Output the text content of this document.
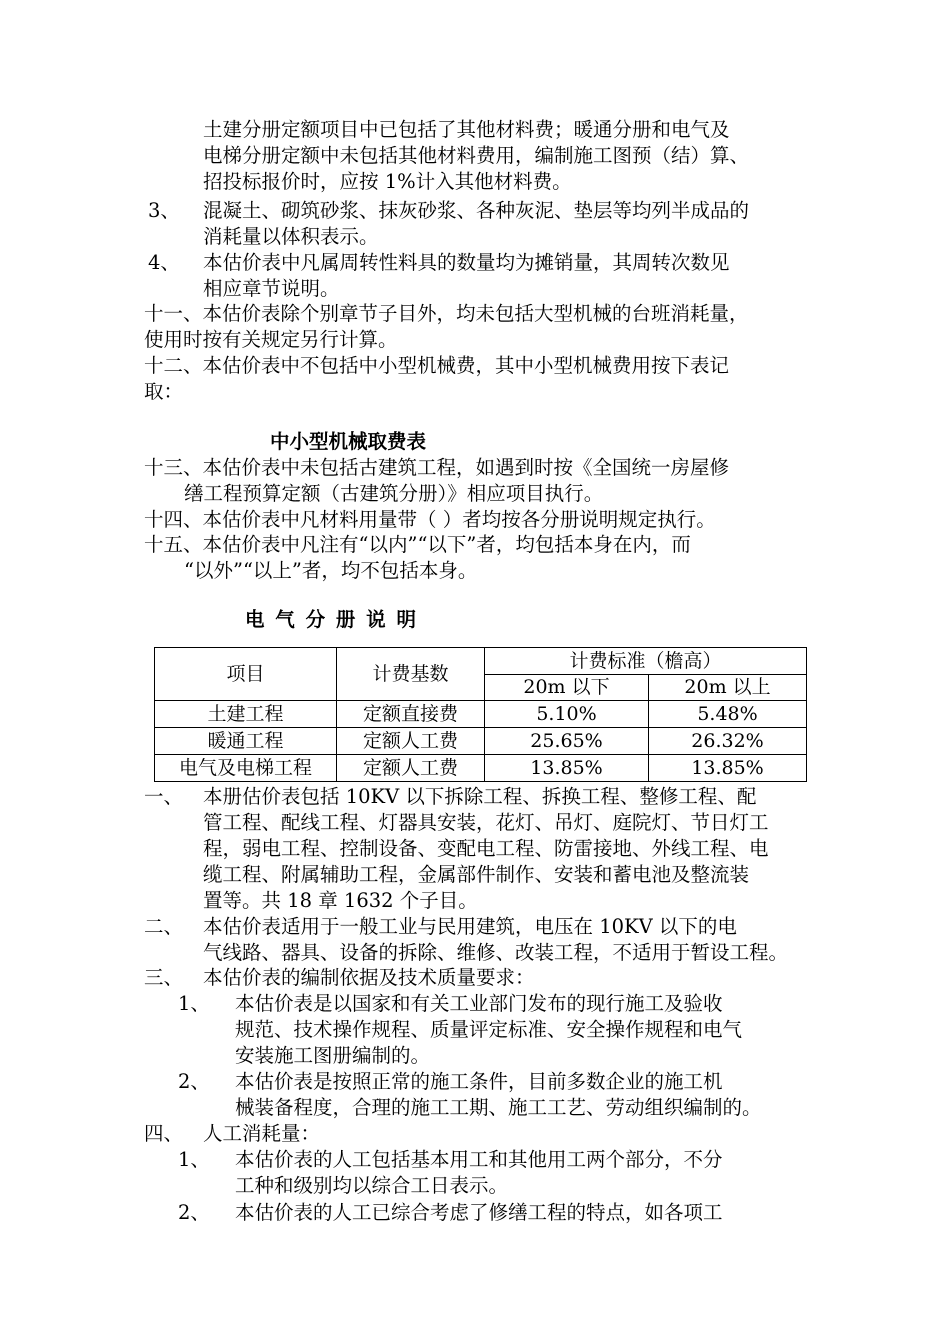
土建分册定额项目中已包括了其他材料费；暖通分册和电气及
电梯分册定额中未包括其他材料费用，编制施工图预（结）算、
招投标报价时，应按 1%计入其他材料费。
3、 混凝土、砌筑砂浆、抹灰砂浆、各种灰泥、垫层等均列半成品的
消耗量以体积表示。
4、 本估价表中凡属周转性料具的数量均为摊销量，其周转次数见
相应章节说明。
十一、本估价表除个别章节子目外，均未包括大型机械的台班消耗量，
使用时按有关规定另行计算。
十二、本估价表中不包括中小型机械费，其中小型机械费用按下表记
取：
中小型机械取费表
十三、本估价表中未包括古建筑工程，如遇到时按《全国统一房屋修
缮工程预算定额（古建筑分册）》相应项目执行。
十四、本估价表中凡材料用量带（ ）者均按各分册说明规定执行。
十五、本估价表中凡注有“以内”“以下”者，均包括本身在内，而
“以外”“以上”者，均不包括本身。
电 气 分 册 说 明
项目	计费基数	计费标准（檐高）	
		20m 以下	20m 以上
土建工程	定额直接费	5.10%	5.48%
暖通工程	定额人工费	25.65%	26.32%
电气及电梯工程	定额人工费	13.85%	13.85%
一、 本册估价表包括 10KV 以下拆除工程、拆换工程、整修工程、配
管工程、配线工程、灯器具安装，花灯、吊灯、庭院灯、节日灯工
程，弱电工程、控制设备、变配电工程、防雷接地、外线工程、电
缆工程、附属辅助工程，金属部件制作、安装和蓄电池及整流装
置等。共 18 章 1632 个子目。
二、 本估价表适用于一般工业与民用建筑，电压在 10KV 以下的电
气线路、器具、设备的拆除、维修、改装工程，不适用于暂设工程。
三、 本估价表的编制依据及技术质量要求：
1、 本估价表是以国家和有关工业部门发布的现行施工及验收
规范、技术操作规程、质量评定标准、安全操作规程和电气
安装施工图册编制的。
2、 本估价表是按照正常的施工条件，目前多数企业的施工机
械装备程度，合理的施工工期、施工工艺、劳动组织编制的。
四、 人工消耗量：
1、 本估价表的人工包括基本用工和其他用工两个部分，不分
工种和级别均以综合工日表示。
2、 本估价表的人工已综合考虑了修缮工程的特点，如各项工
